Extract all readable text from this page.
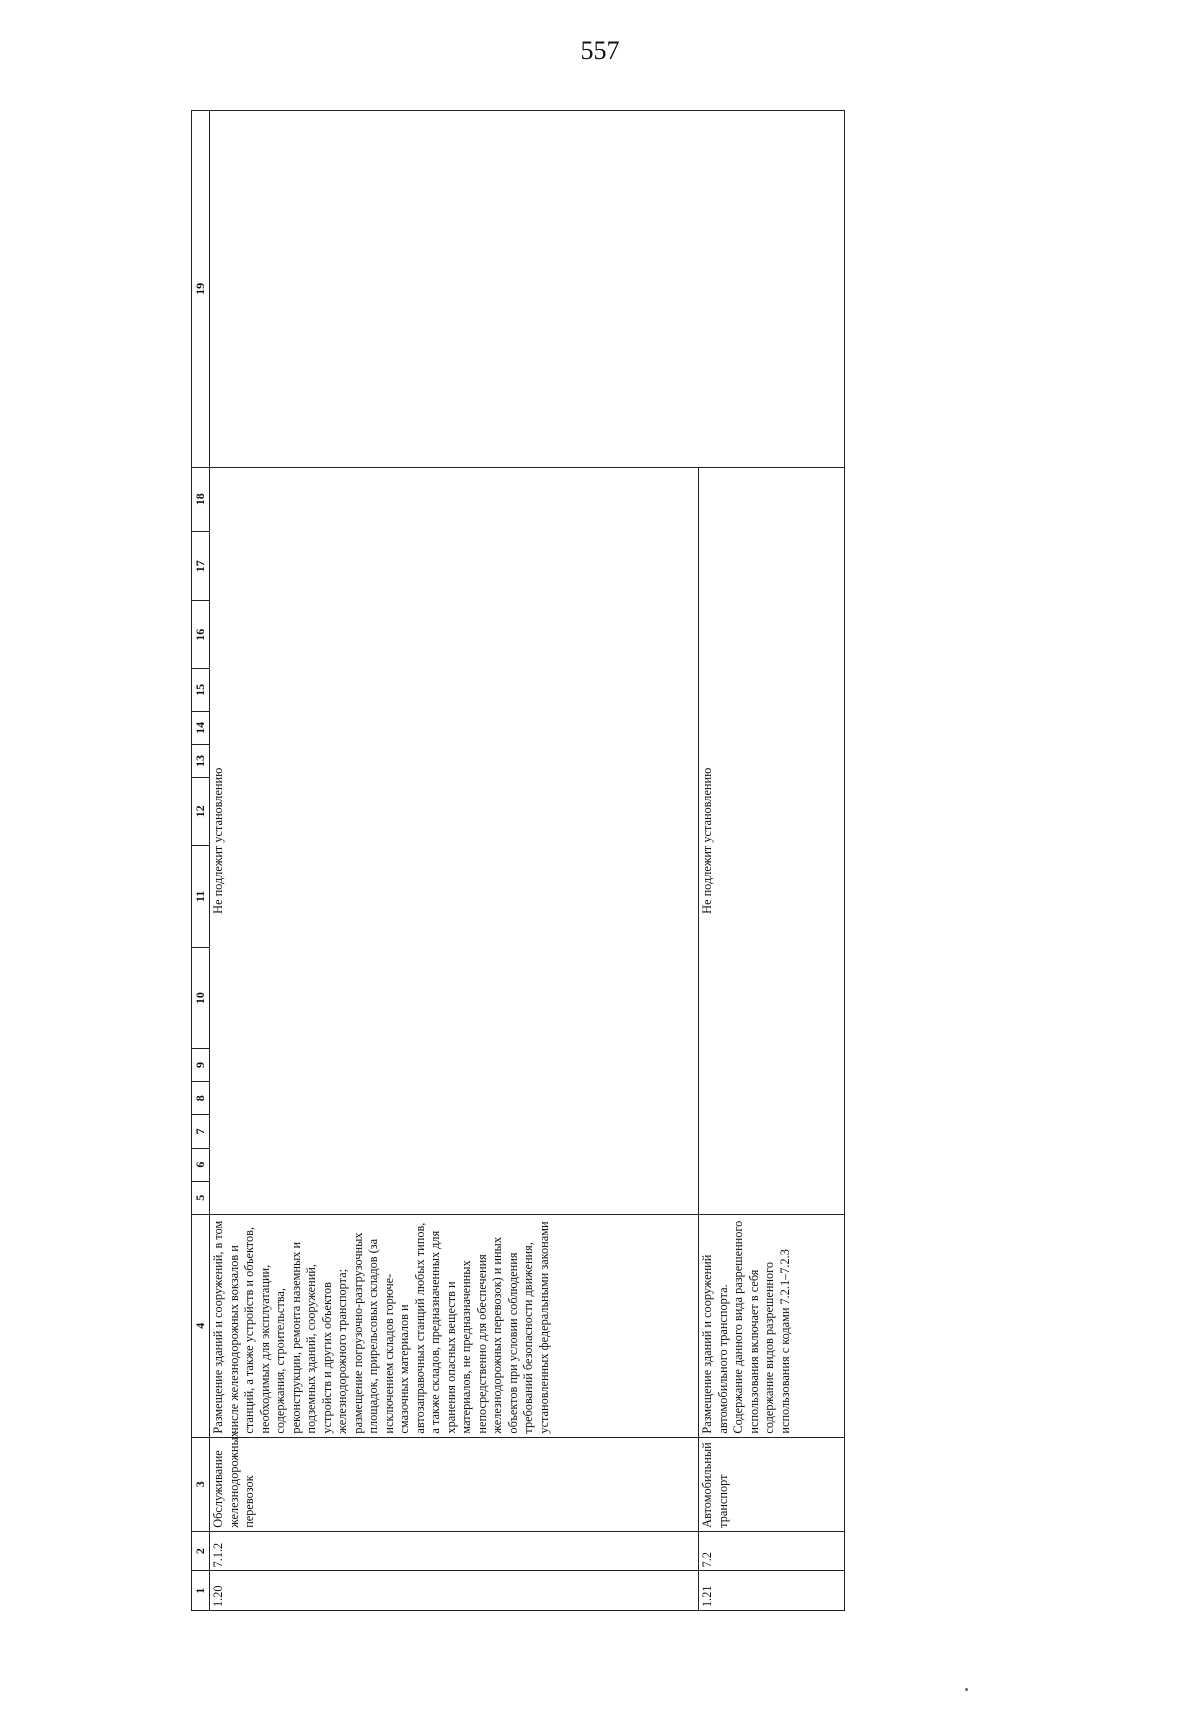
557
1	2	3	4	5	6	7	8	9	10	11	12	13	14	15	16	17	18	19
1.20	7.1.2	Обслуживание железнодорожных перевозок	Размещение зданий и сооружений, в том числе железнодорожных вокзалов и станций, а также устройств и объектов, необходимых для эксплуатации, содержания, строительства, реконструкции, ремонта наземных и подземных зданий, сооружений, устройств и других объектов железнодорожного транспорта; размещение погрузочно-разгрузочных площадок, прирельсовых складов (за исключением складов горюче-смазочных материалов и автозаправочных станций любых типов, а также складов, предназначенных для хранения опасных веществ и материалов, не предназначенных непосредственно для обеспечения железнодорожных перевозок) и иных объектов при условии соблюдения требований безопасности движения, установленных федеральными законами	Не подлежит установлению														
1.21	7.2	Автомобильный транспорт	Размещение зданий и сооружений автомобильного транспорта. Содержание данного вида разрешенного использования включает в себя содержание видов разрешенного использования с кодами 7.2.1–7.2.3	Не подлежит установлению														
